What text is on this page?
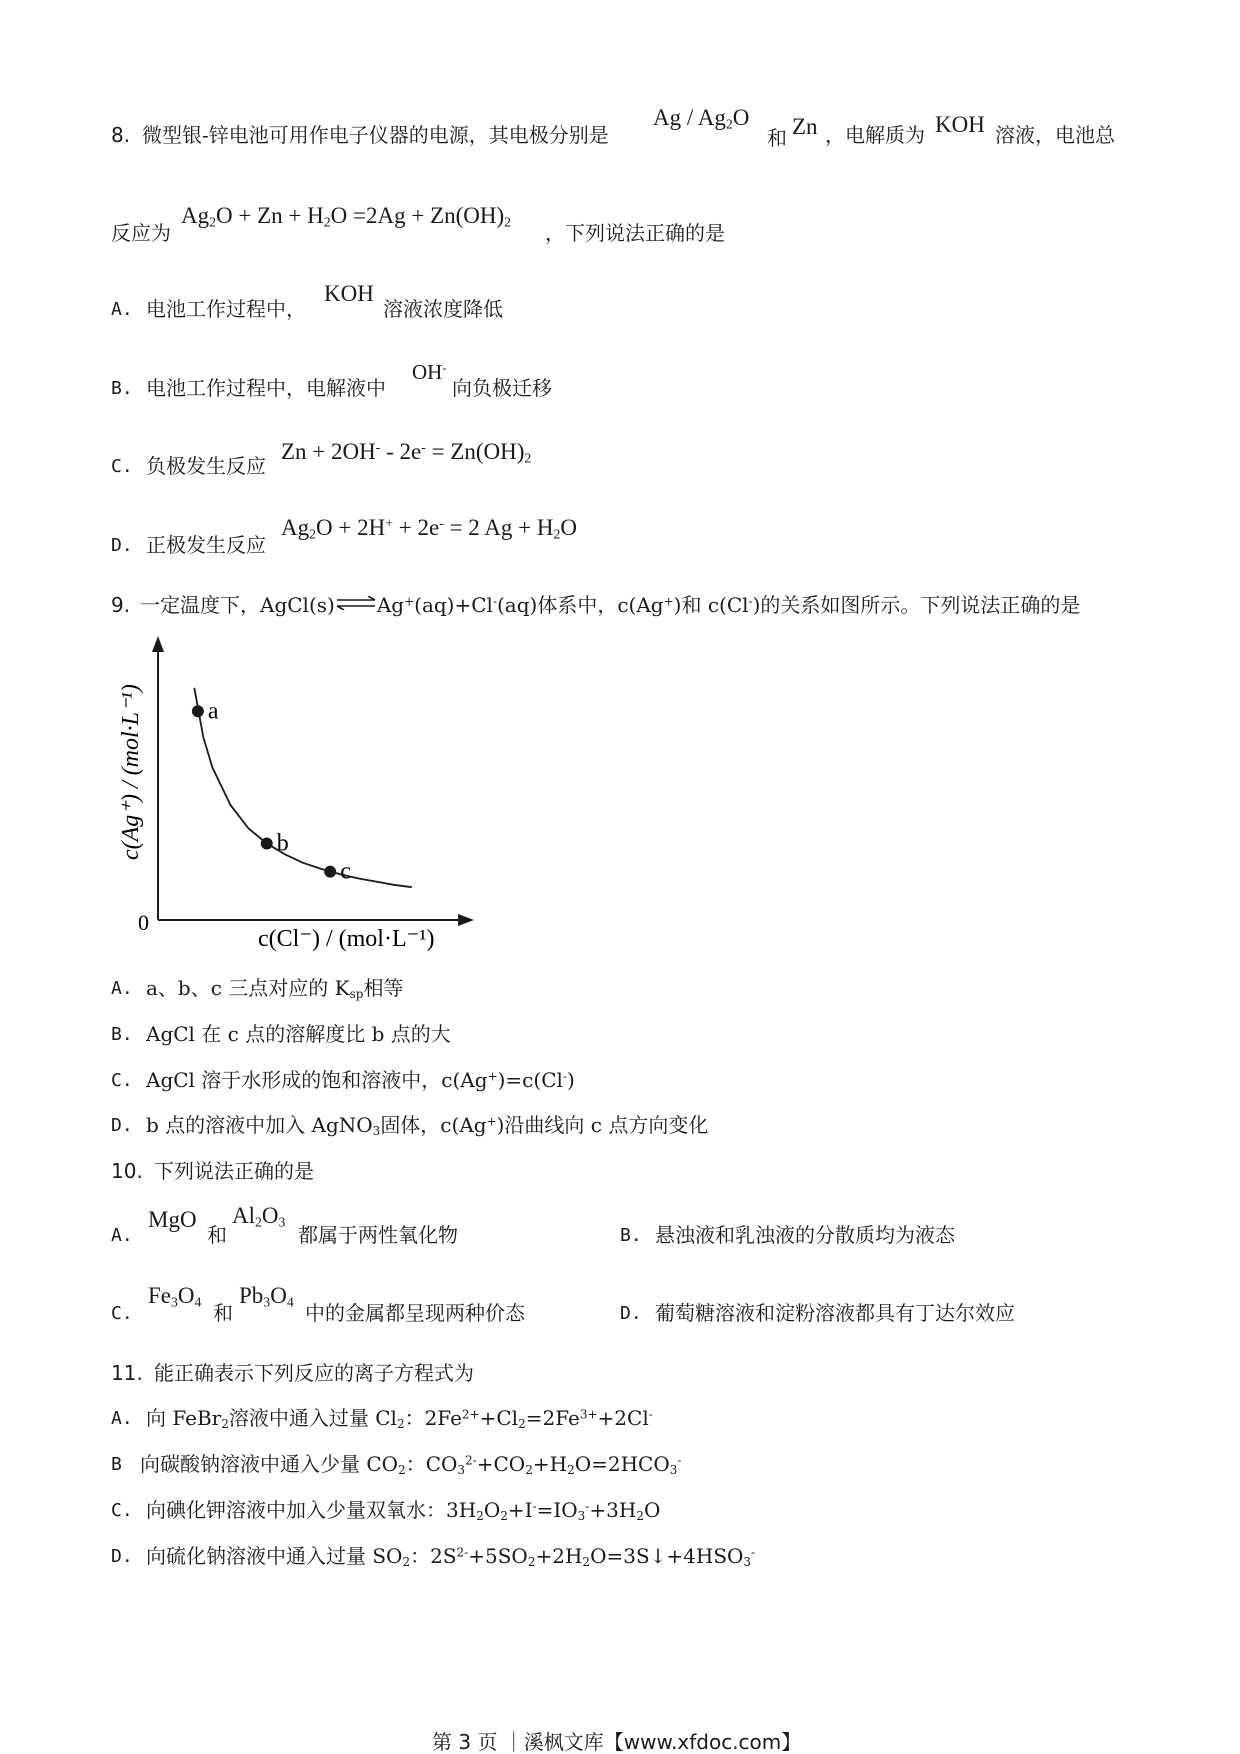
8. 微型银-锌电池可用作电子仪器的电源，其电极分别是
Ag / $Ag_2O$
和 Zn ，电解质为 KOH 溶液，电池总
反应为
$Ag_2O + Zn + H_2O =2Ag + Zn(OH)_2$ ，下列说法正确的是
A. 电池工作过程中，
KOH
溶液浓度降低
B. 电池工作过程中，电解液中
OH-
向负极迁移
C. 负极发生反应
$Zn + 2OH^- - 2e^- = Zn(OH)_2$
D. 正极发生反应
$Ag_2O + 2H^+ + 2e^- = 2$ $Ag + H_2O$
9. 一定温度下，AgCl(s)⇌Ag+(aq)+Cl-(aq)体系中，c(Ag+)和 c(Cl-)的关系如图所示。下列说法正确的是
a
b
c
c(Ag⁺) / (mol·L⁻¹)
c(Cl⁻) / (mol·L⁻¹)
0
A. a、b、c 三点对应的 $K_{sp}$相等
B. AgCl 在 c 点的溶解度比 b 点的大
C. AgCl 溶于水形成的饱和溶液中，c(Ag+)=c(Cl-)
D. b 点的溶液中加入 AgNO$_3$固体，c(Ag+)沿曲线向 c 点方向变化
10. 下列说法正确的是
A.
MgO
和
$Al_2O_3$
都属于两性氧化物	B. 悬浊液和乳浊液的分散质均为液态
C.
$Fe_3O_4$ 和
$Pb_3O_4$ 中的金属都呈现两种价态	D. 葡萄糖溶液和淀粉溶液都具有丁达尔效应
11. 能正确表示下列反应的离子方程式为
A. 向 FeBr$_2$溶液中通入过量 $Cl_2$：$2Fe^{2+}+Cl_2=2Fe^{3+}+2Cl^-$
B 向碳酸钠溶液中通入少量 $CO_2$：$CO_3^{2-}+CO_2+H_2O=2HCO_3^-$
C. 向碘化钾溶液中加入少量双氧水：$3H_2O_2+I^-=IO_3^-+3H_2O$
D. 向硫化钠溶液中通入过量 $SO_2$：$2S^{2-}+5SO_2+2H_2O=3S↓+4HSO_3^-$
第 3 页 ｜溪枫文库【www.xfdoc.com】
